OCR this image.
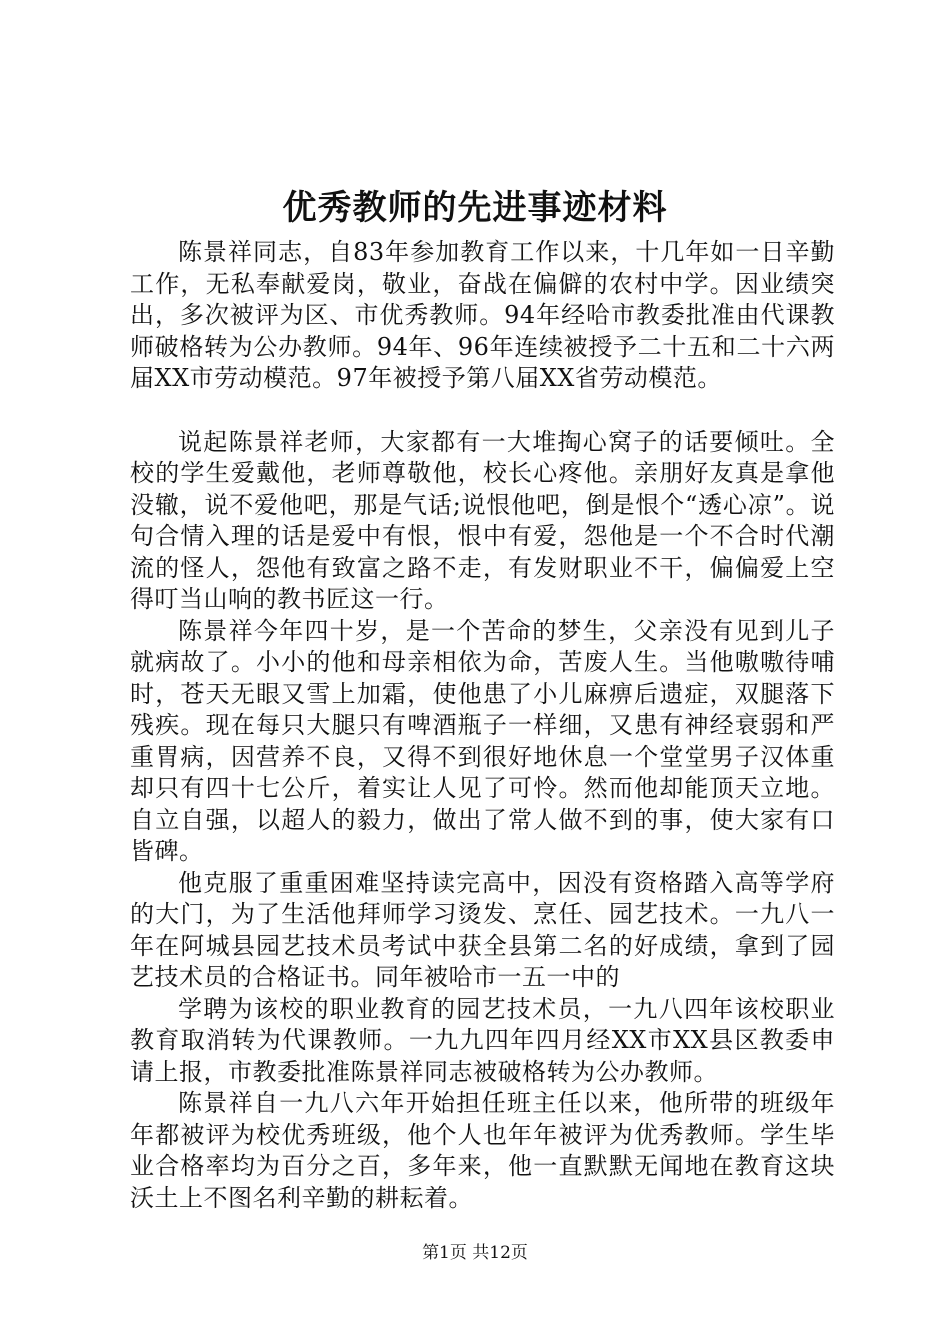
优秀教师的先进事迹材料

陈景祥同志，自83年参加教育工作以来，十几年如一日辛勤工作，无私奉献爱岗，敬业，奋战在偏僻的农村中学。因业绩突出，多次被评为区、市优秀教师。94年经哈市教委批准由代课教师破格转为公办教师。94年、96年连续被授予二十五和二十六两届XX市劳动模范。97年被授予第八届XX省劳动模范。

说起陈景祥老师，大家都有一大堆掏心窝子的话要倾吐。全校的学生爱戴他，老师尊敬他，校长心疼他。亲朋好友真是拿他没辙，说不爱他吧，那是气话;说恨他吧，倒是恨个“透心凉”。说句合情入理的话是爱中有恨，恨中有爱，怨他是一个不合时代潮流的怪人，怨他有致富之路不走，有发财职业不干，偏偏爱上空得叮当山响的教书匠这一行。

陈景祥今年四十岁，是一个苦命的梦生，父亲没有见到儿子就病故了。小小的他和母亲相依为命，苦废人生。当他嗷嗷待哺时，苍天无眼又雪上加霜，使他患了小儿麻痹后遗症，双腿落下残疾。现在每只大腿只有啤酒瓶子一样细，又患有神经衰弱和严重胃病，因营养不良，又得不到很好地休息一个堂堂男子汉体重却只有四十七公斤，着实让人见了可怜。然而他却能顶天立地。自立自强，以超人的毅力，做出了常人做不到的事，使大家有口皆碑。

他克服了重重困难坚持读完高中，因没有资格踏入高等学府的大门，为了生活他拜师学习烫发、烹任、园艺技术。一九八一年在阿城县园艺技术员考试中获全县第二名的好成绩，拿到了园艺技术员的合格证书。同年被哈市一五一中的

学聘为该校的职业教育的园艺技术员，一九八四年该校职业教育取消转为代课教师。一九九四年四月经XX市XX县区教委申请上报，市教委批准陈景祥同志被破格转为公办教师。

陈景祥自一九八六年开始担任班主任以来，他所带的班级年年都被评为校优秀班级，他个人也年年被评为优秀教师。学生毕业合格率均为百分之百，多年来，他一直默默无闻地在教育这块沃土上不图名利辛勤的耕耘着。

第1页 共12页
